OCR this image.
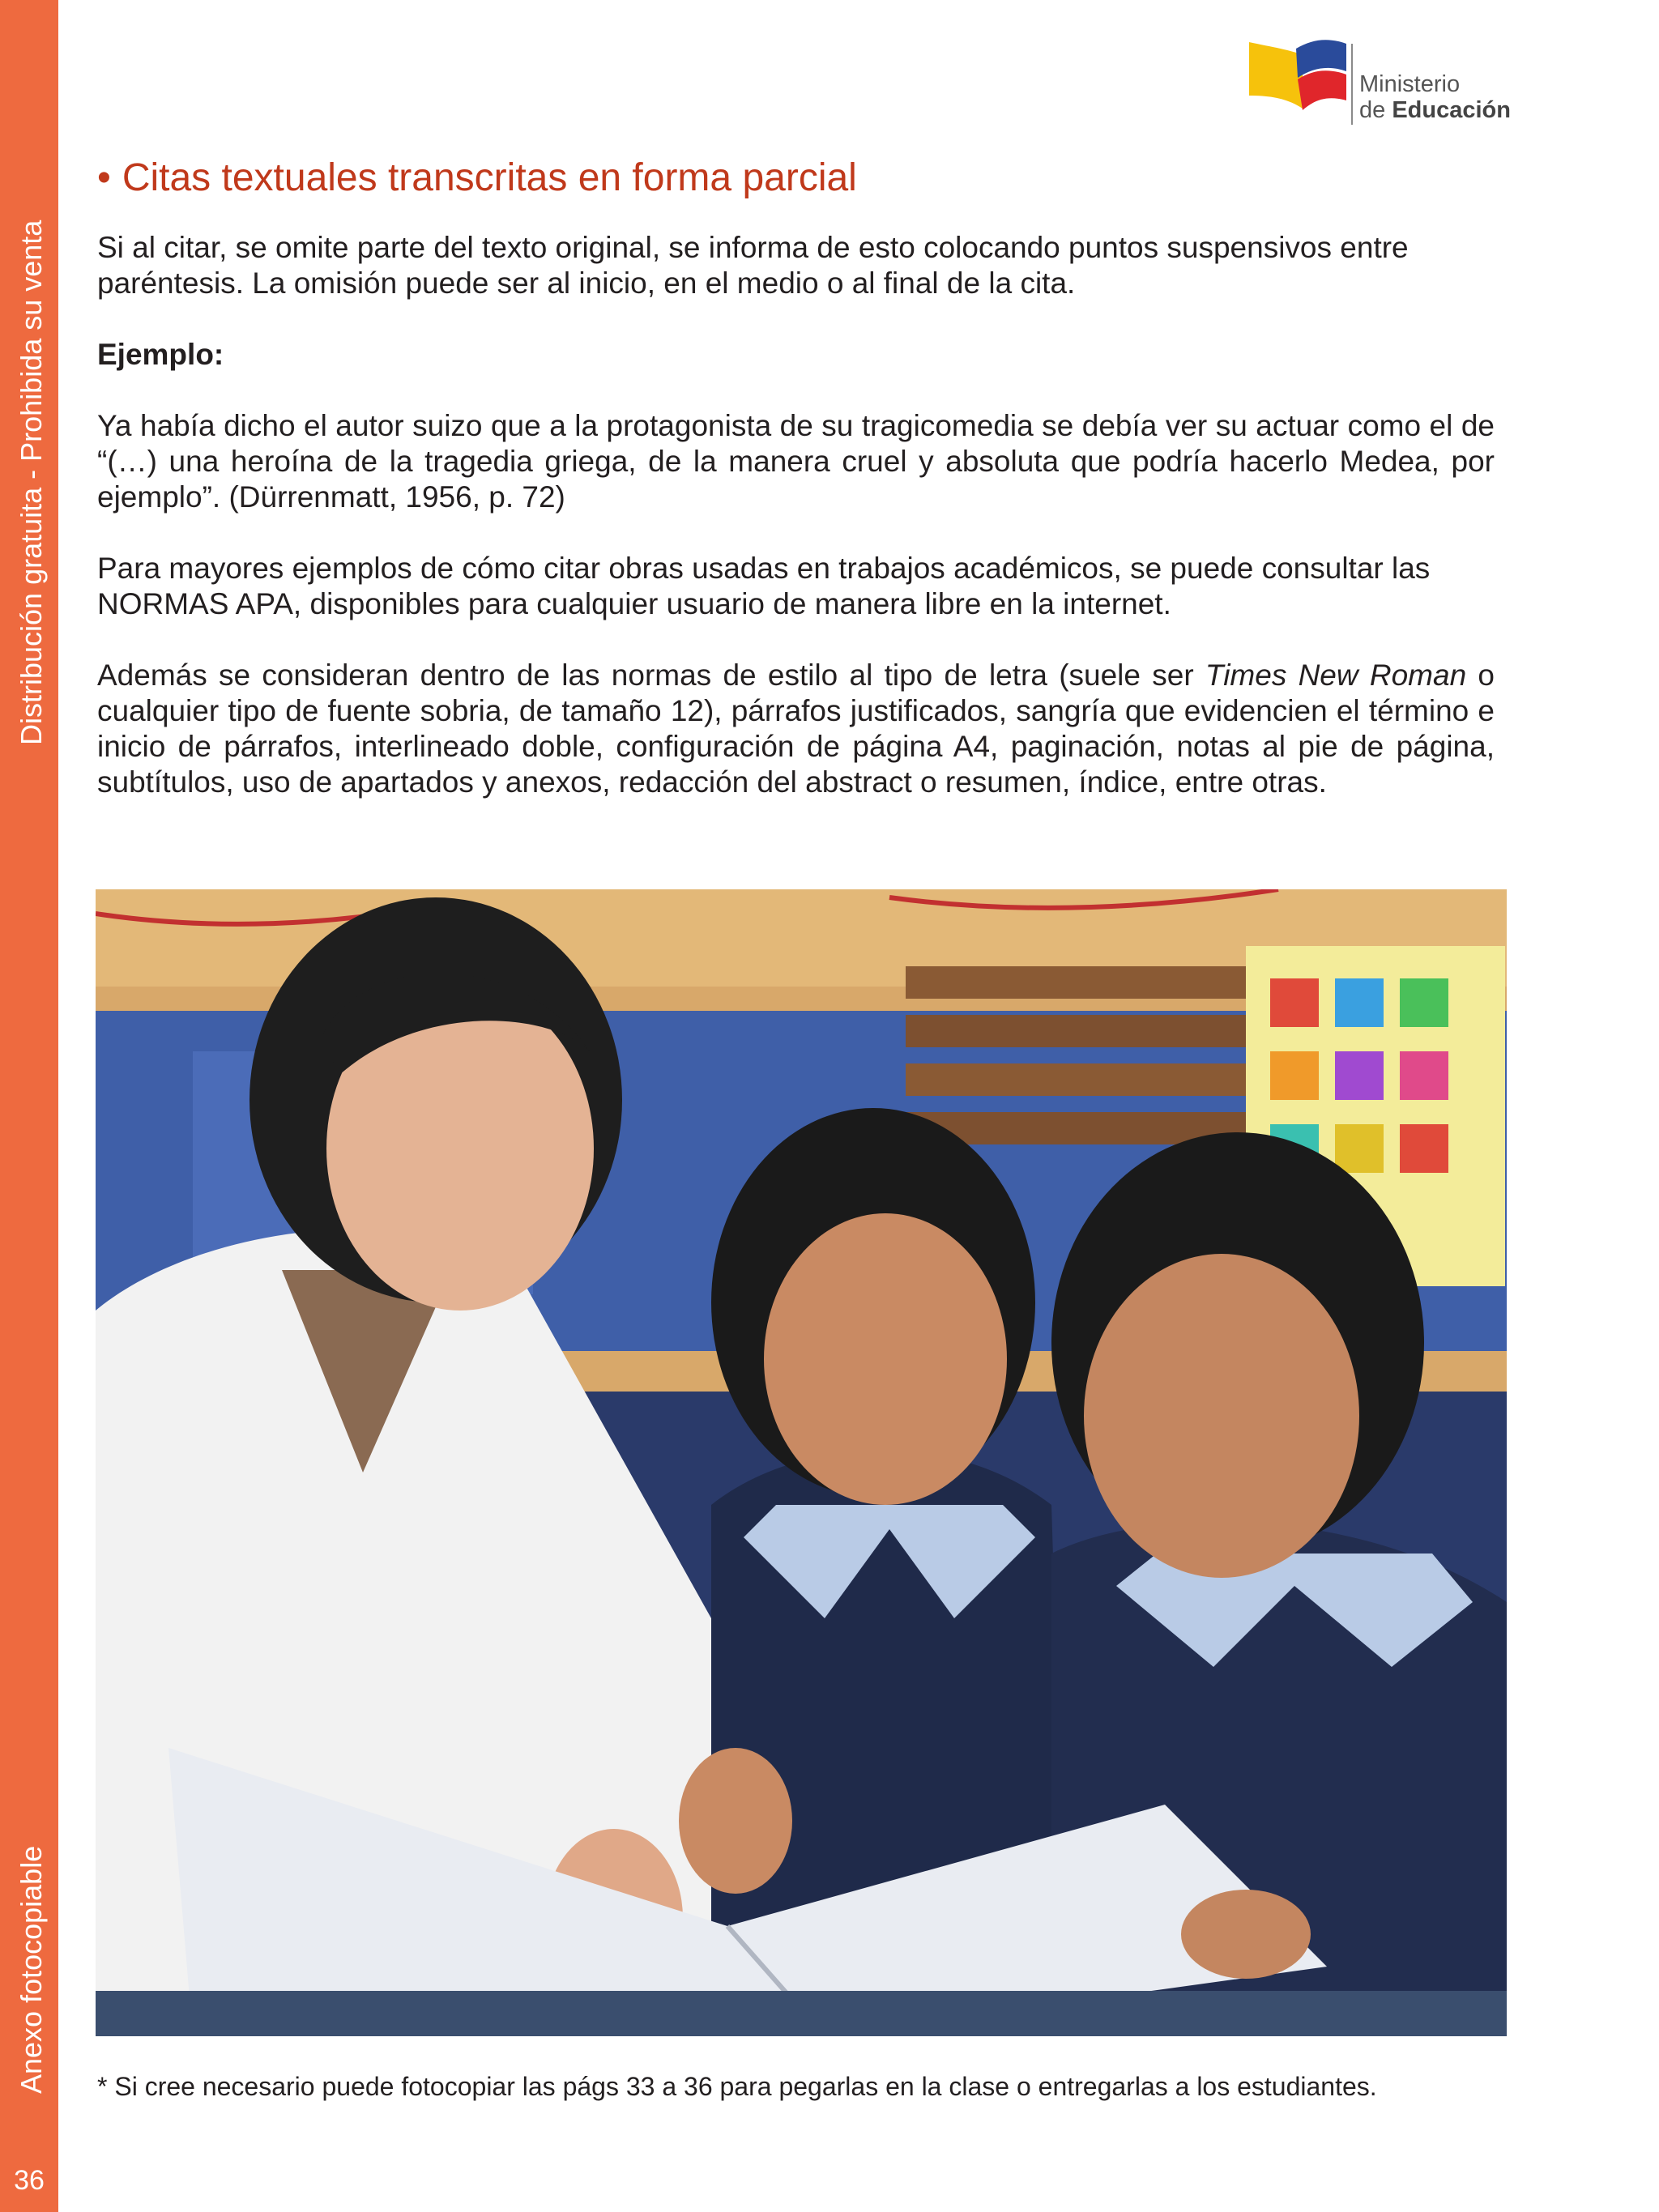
Distribución gratuita - Prohibida su venta
Anexo fotocopiable
36
Ministerio
de Educación
• Citas textuales transcritas en forma parcial

Si al citar, se omite parte del texto original, se informa de esto colocando puntos suspensivos entre paréntesis. La omisión puede ser al inicio, en el medio o al final de la cita.

Ejemplo:

Ya había dicho el autor suizo que a la protagonista de su tragicomedia se debía ver su actuar como el de “(…) una heroína de la tragedia griega, de la manera cruel y absoluta que podría hacerlo Medea, por ejemplo”. (Dürrenmatt, 1956, p. 72)

Para mayores ejemplos de cómo citar obras usadas en trabajos académicos, se puede consultar las NORMAS APA, disponibles para cualquier usuario de manera libre en la internet.

Además se consideran dentro de las normas de estilo al tipo de letra (suele ser Times New Roman o cualquier tipo de fuente sobria, de tamaño 12), párrafos justificados, sangría que evidencien el término e inicio de párrafos, interlineado doble, configuración de página A4, paginación, notas al pie de página, subtítulos, uso de apartados y anexos, redacción del abstract o resumen, índice, entre otras.

* Si cree necesario puede fotocopiar las págs 33 a 36 para pegarlas en la clase o entregarlas a los estudiantes.
